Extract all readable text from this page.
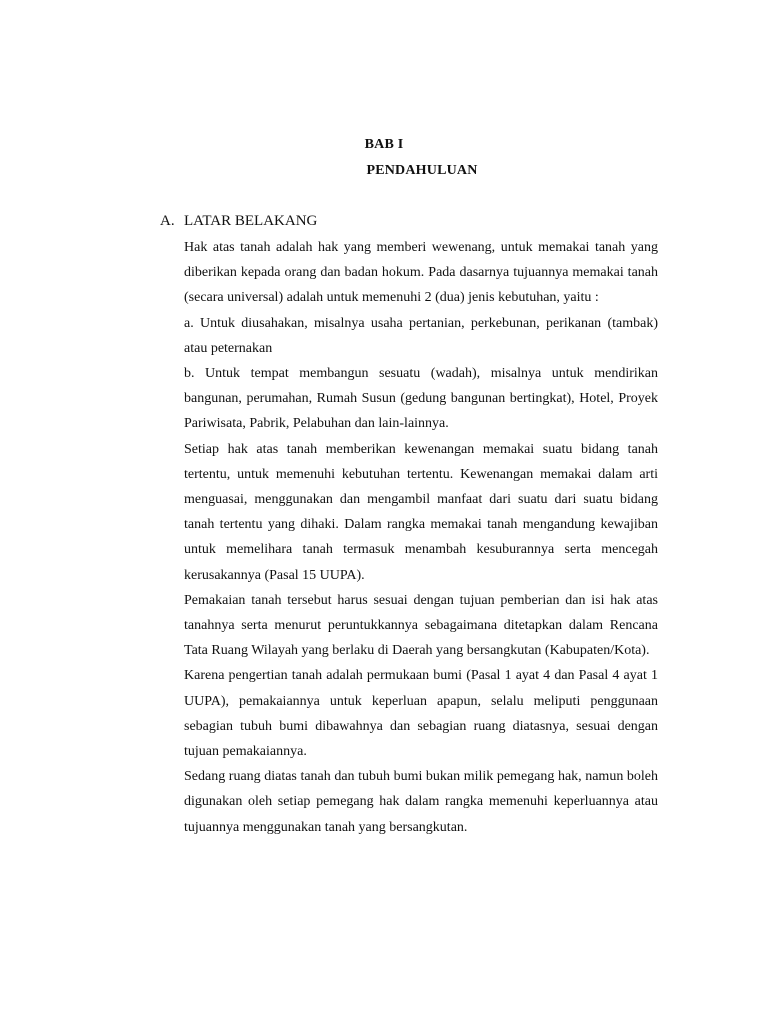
BAB I
PENDAHULUAN
A. LATAR BELAKANG

Hak atas tanah adalah hak yang memberi wewenang, untuk memakai tanah yang diberikan kepada orang dan badan hokum. Pada dasarnya tujuannya memakai tanah (secara universal) adalah untuk memenuhi 2 (dua) jenis kebutuhan, yaitu :

a. Untuk diusahakan, misalnya usaha pertanian, perkebunan, perikanan (tambak) atau peternakan

b. Untuk tempat membangun sesuatu (wadah), misalnya untuk mendirikan bangunan, perumahan, Rumah Susun (gedung bangunan bertingkat), Hotel, Proyek Pariwisata, Pabrik, Pelabuhan dan lain-lainnya.

Setiap hak atas tanah memberikan kewenangan memakai suatu bidang tanah tertentu, untuk memenuhi kebutuhan tertentu. Kewenangan memakai dalam arti menguasai, menggunakan dan mengambil manfaat dari suatu dari suatu bidang tanah tertentu yang dihaki. Dalam rangka memakai tanah mengandung kewajiban untuk memelihara tanah termasuk menambah kesuburannya serta mencegah kerusakannya (Pasal 15 UUPA).

Pemakaian tanah tersebut harus sesuai dengan tujuan pemberian dan isi hak atas tanahnya serta menurut peruntukkannya sebagaimana ditetapkan dalam Rencana Tata Ruang Wilayah yang berlaku di Daerah yang bersangkutan (Kabupaten/Kota).

Karena pengertian tanah adalah permukaan bumi (Pasal 1 ayat 4 dan Pasal 4 ayat 1 UUPA), pemakaiannya untuk keperluan apapun, selalu meliputi penggunaan sebagian tubuh bumi dibawahnya dan sebagian ruang diatasnya, sesuai dengan tujuan pemakaiannya.

Sedang ruang diatas tanah dan tubuh bumi bukan milik pemegang hak, namun boleh digunakan oleh setiap pemegang hak dalam rangka memenuhi keperluannya atau tujuannya menggunakan tanah yang bersangkutan.
